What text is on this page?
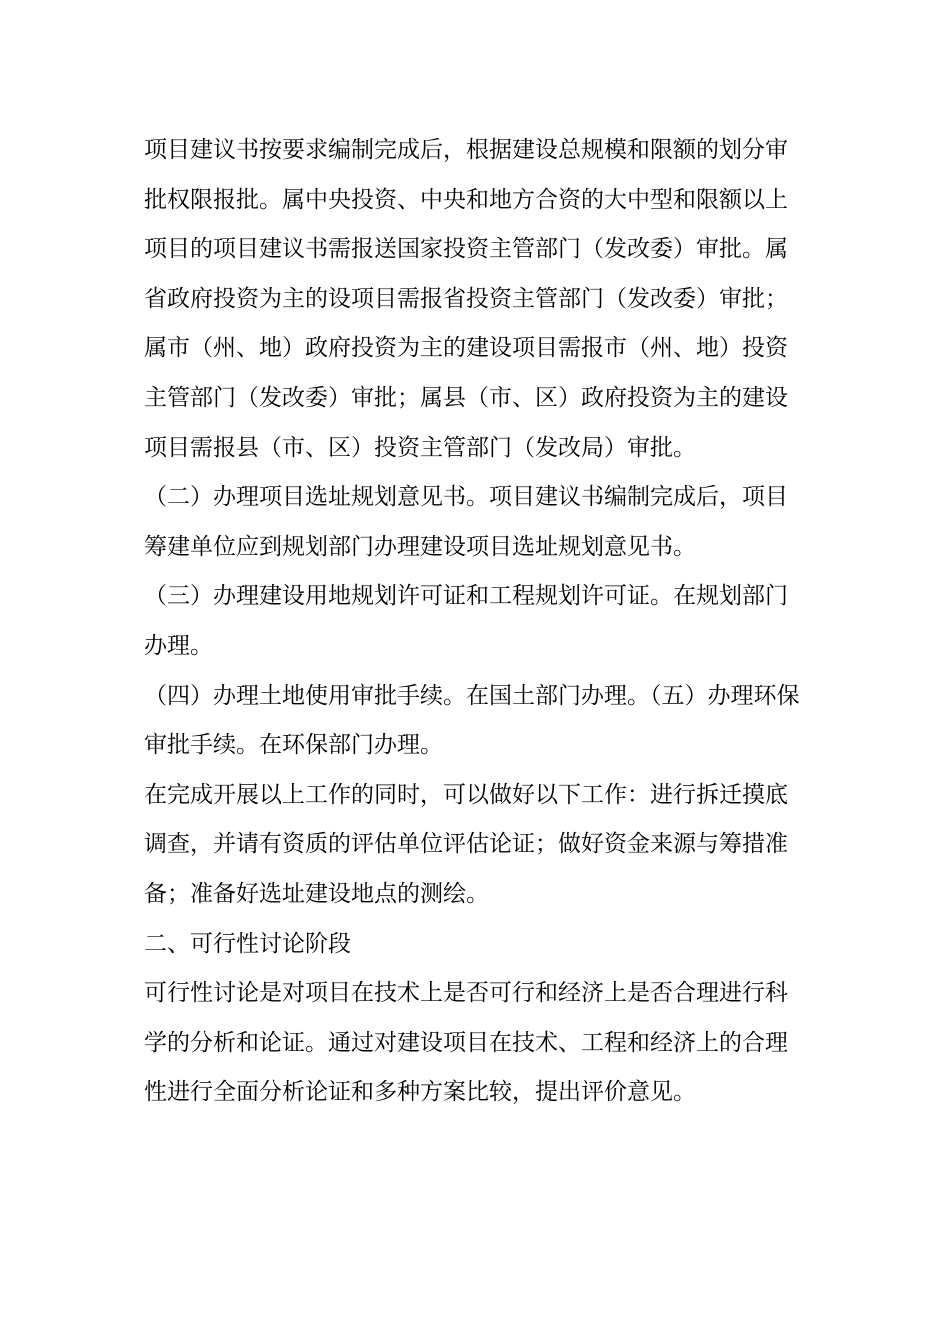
项目建议书按要求编制完成后，根据建设总规模和限额的划分审批权限报批。属中央投资、中央和地方合资的大中型和限额以上项目的项目建议书需报送国家投资主管部门（发改委）审批。属省政府投资为主的设项目需报省投资主管部门（发改委）审批；属市（州、地）政府投资为主的建设项目需报市（州、地）投资主管部门（发改委）审批；属县（市、区）政府投资为主的建设项目需报县（市、区）投资主管部门（发改局）审批。

（二）办理项目选址规划意见书。项目建议书编制完成后，项目筹建单位应到规划部门办理建设项目选址规划意见书。

（三）办理建设用地规划许可证和工程规划许可证。在规划部门办理。

（四）办理土地使用审批手续。在国土部门办理。（五）办理环保审批手续。在环保部门办理。

在完成开展以上工作的同时，可以做好以下工作：进行拆迁摸底调查，并请有资质的评估单位评估论证；做好资金来源与筹措准备；准备好选址建设地点的测绘。

二、可行性讨论阶段

可行性讨论是对项目在技术上是否可行和经济上是否合理进行科学的分析和论证。通过对建设项目在技术、工程和经济上的合理性进行全面分析论证和多种方案比较，提出评价意见。
